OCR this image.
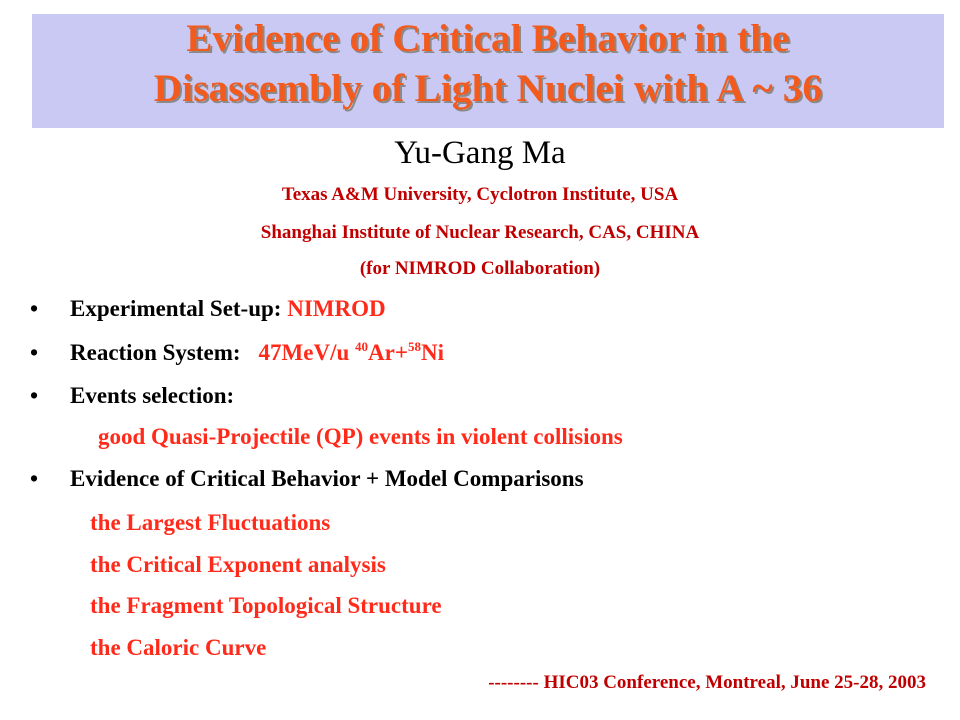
Evidence of Critical Behavior in the
Disassembly of Light Nuclei with A ~ 36
Yu-Gang Ma
Texas A&M University, Cyclotron Institute, USA
Shanghai Institute of Nuclear Research, CAS, CHINA
(for NIMROD Collaboration)
• Experimental Set-up: NIMROD
• Reaction System: 47MeV/u $^{40}$Ar+$^{58}$Ni
• Events selection:
good Quasi-Projectile (QP) events in violent collisions
• Evidence of Critical Behavior + Model Comparisons
the Largest Fluctuations
the Critical Exponent analysis
the Fragment Topological Structure
the Caloric Curve
-------- HIC03 Conference, Montreal, June 25-28, 2003
